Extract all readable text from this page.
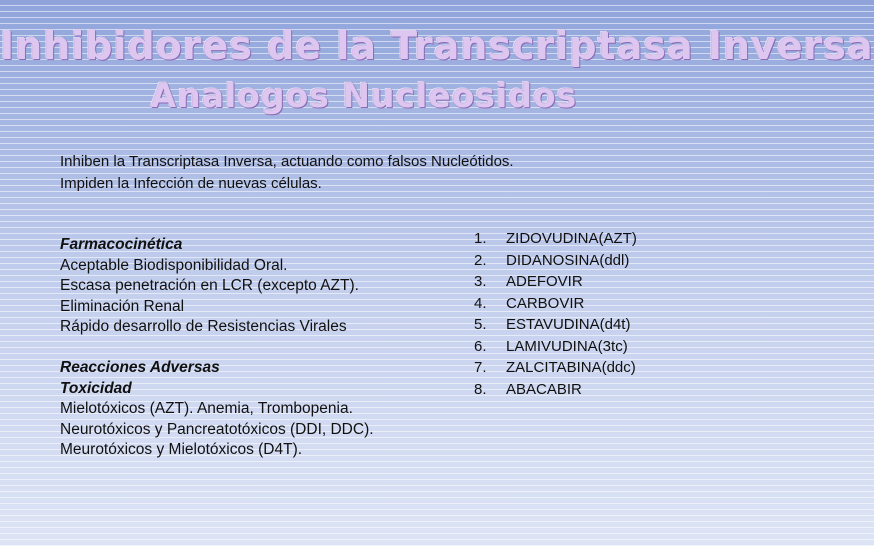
Inhibidores de la Transcriptasa Inversa
Analogos Nucleosidos
Inhiben la Transcriptasa Inversa, actuando como falsos Nucleótidos.
Impiden la Infección de nuevas células.
Farmacocinética
Aceptable Biodisponibilidad Oral.
Escasa penetración en LCR (excepto AZT).
Eliminación Renal
Rápido desarrollo de Resistencias Virales
Reacciones Adversas
Toxicidad
Mielotóxicos (AZT). Anemia, Trombopenia.
Neurotóxicos y Pancreatotóxicos (DDI, DDC).
Meurotóxicos y Mielotóxicos (D4T).
1.	ZIDOVUDINA(AZT)
2.	DIDANOSINA(ddl)
3.	ADEFOVIR
4.	CARBOVIR
5.	ESTAVUDINA(d4t)
6.	LAMIVUDINA(3tc)
7.	ZALCITABINA(ddc)
8.	ABACABIR
